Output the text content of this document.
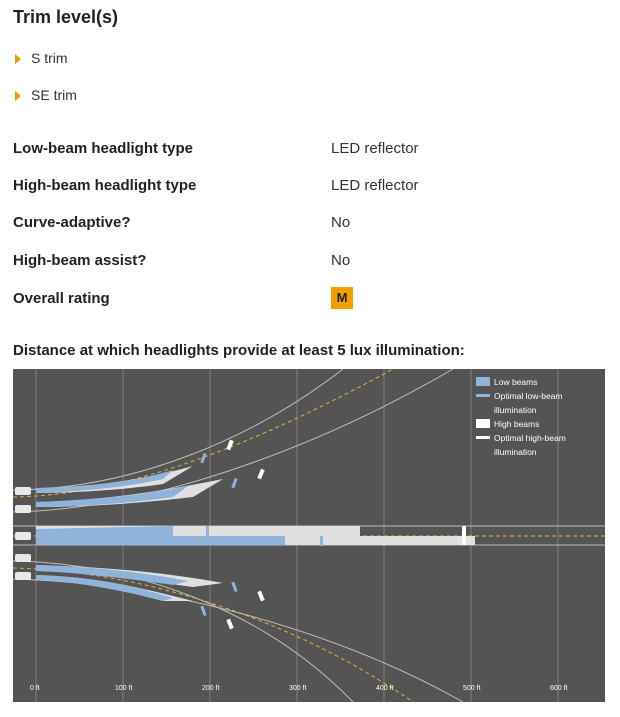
Trim level(s)
S trim
SE trim
Low-beam headlight type	LED reflector
High-beam headlight type	LED reflector
Curve-adaptive?	No
High-beam assist?	No
Overall rating	M
Distance at which headlights provide at least 5 lux illumination:
Low beams
Optimal low-beam
illumination
High beams
Optimal high-beam
illumination
0 ft	100 ft	200 ft	300 ft	400 ft	500 ft	600 ft
